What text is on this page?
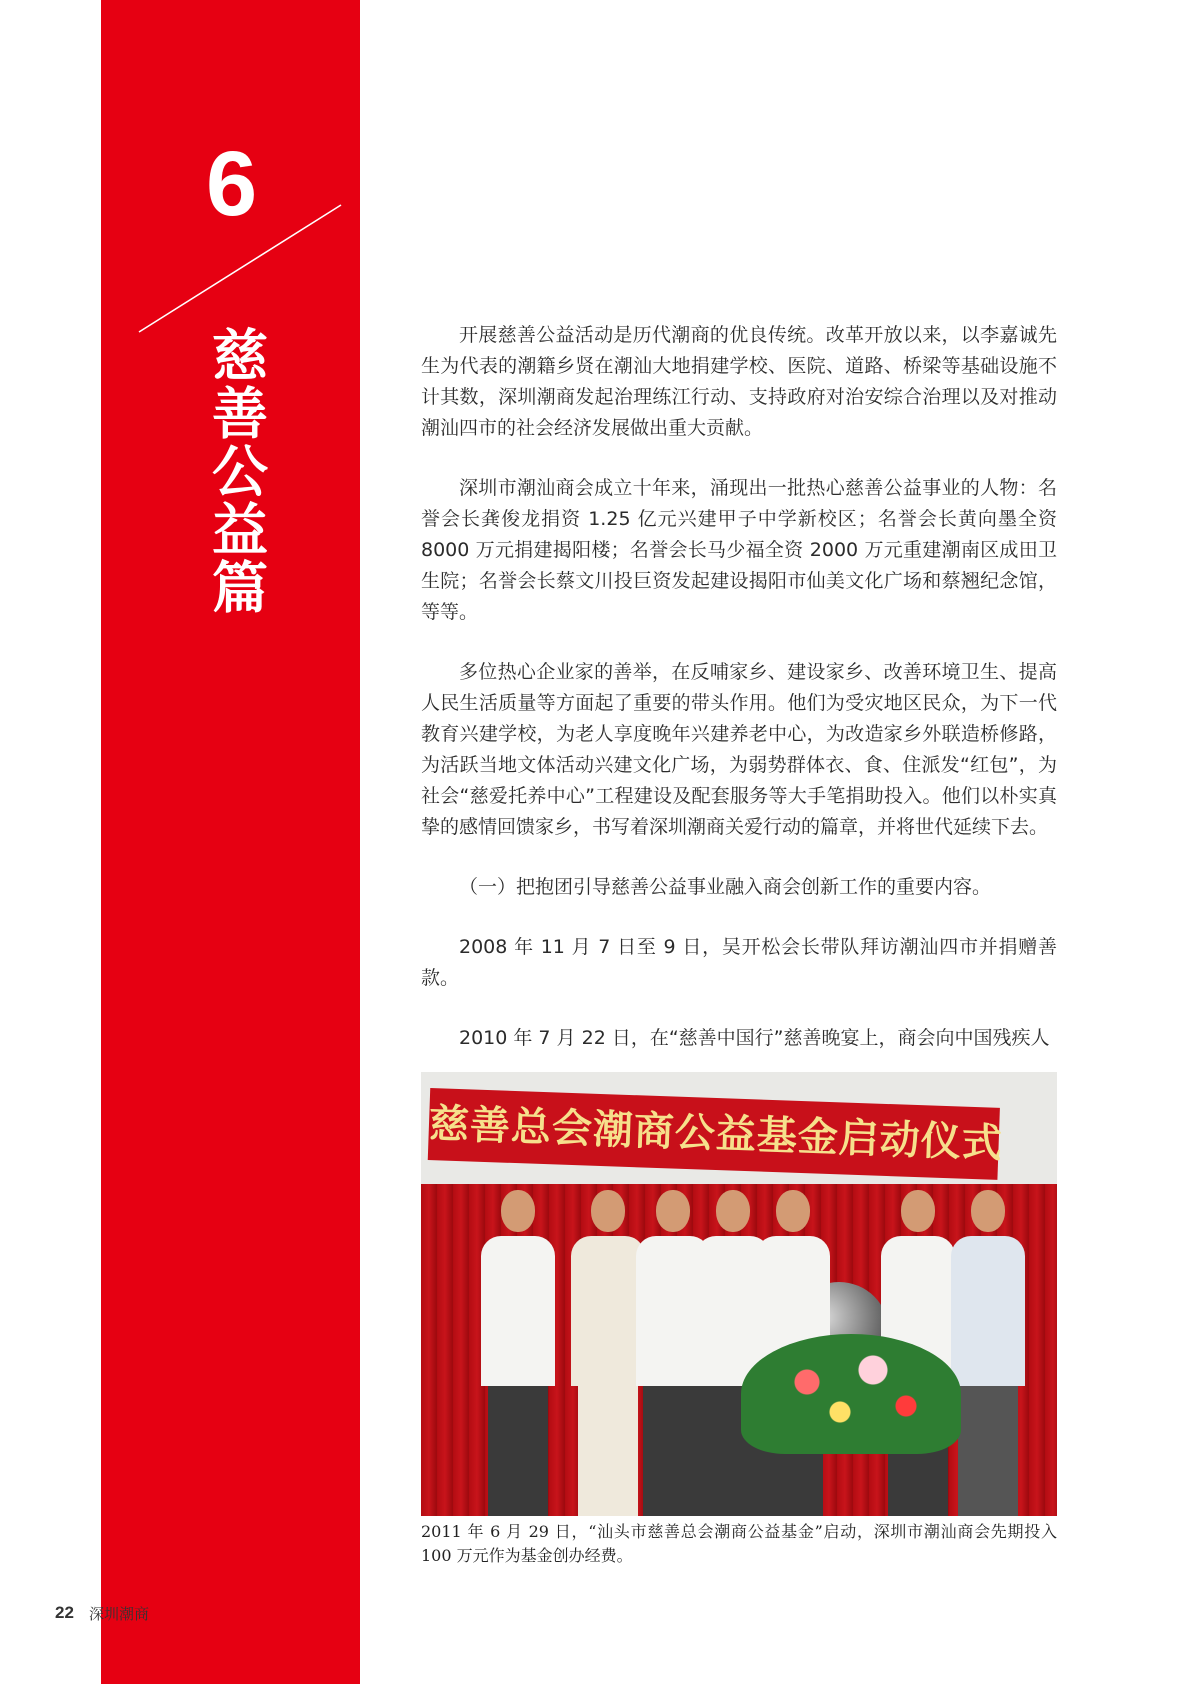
6
慈善公益篇	开展慈善公益活动是历代潮商的优良传统。改革开放以来，以李嘉诚先生为代表的潮籍乡贤在潮汕大地捐建学校、医院、道路、桥梁等基础设施不计其数，深圳潮商发起治理练江行动、支持政府对治安综合治理以及对推动潮汕四市的社会经济发展做出重大贡献。

深圳市潮汕商会成立十年来，涌现出一批热心慈善公益事业的人物：名誉会长龚俊龙捐资 1.25 亿元兴建甲子中学新校区；名誉会长黄向墨全资 8000 万元捐建揭阳楼；名誉会长马少福全资 2000 万元重建潮南区成田卫生院；名誉会长蔡文川投巨资发起建设揭阳市仙美文化广场和蔡翘纪念馆，等等。

多位热心企业家的善举，在反哺家乡、建设家乡、改善环境卫生、提高人民生活质量等方面起了重要的带头作用。他们为受灾地区民众，为下一代教育兴建学校，为老人享度晚年兴建养老中心，为改造家乡外联造桥修路，为活跃当地文体活动兴建文化广场，为弱势群体衣、食、住派发“红包”，为社会“慈爱托养中心”工程建设及配套服务等大手笔捐助投入。他们以朴实真挚的感情回馈家乡，书写着深圳潮商关爱行动的篇章，并将世代延续下去。

（一）把抱团引导慈善公益事业融入商会创新工作的重要内容。

2008 年 11 月 7 日至 9 日，吴开松会长带队拜访潮汕四市并捐赠善款。

2010 年 7 月 22 日，在“慈善中国行”慈善晚宴上，商会向中国残疾人

慈善总会潮商公益基金启动仪式
2011 年 6 月 29 日，“汕头市慈善总会潮商公益基金”启动，深圳市潮汕商会先期投入 100 万元作为基金创办经费。
22 深圳潮商
